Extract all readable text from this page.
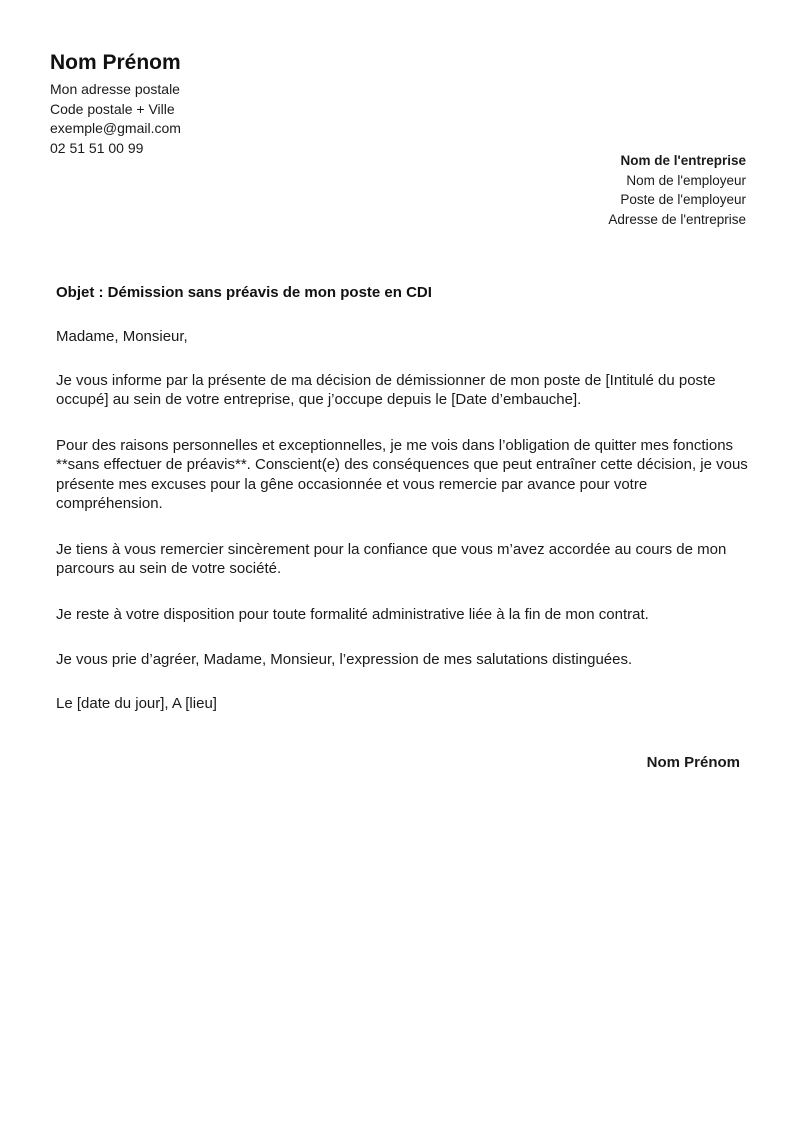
Nom Prénom
Mon adresse postale
Code postale + Ville
exemple@gmail.com
02 51 51 00 99
Nom de l'entreprise
Nom de l'employeur
Poste de l'employeur
Adresse de l'entreprise

Objet : Démission sans préavis de mon poste en CDI

Madame, Monsieur,

Je vous informe par la présente de ma décision de démissionner de mon poste de [Intitulé du poste occupé] au sein de votre entreprise, que j’occupe depuis le [Date d’embauche].

Pour des raisons personnelles et exceptionnelles, je me vois dans l’obligation de quitter mes fonctions **sans effectuer de préavis**. Conscient(e) des conséquences que peut entraîner cette décision, je vous présente mes excuses pour la gêne occasionnée et vous remercie par avance pour votre compréhension.

Je tiens à vous remercier sincèrement pour la confiance que vous m’avez accordée au cours de mon parcours au sein de votre société.

Je reste à votre disposition pour toute formalité administrative liée à la fin de mon contrat.

Je vous prie d’agréer, Madame, Monsieur, l’expression de mes salutations distinguées.

Le [date du jour], A [lieu]

Nom Prénom
